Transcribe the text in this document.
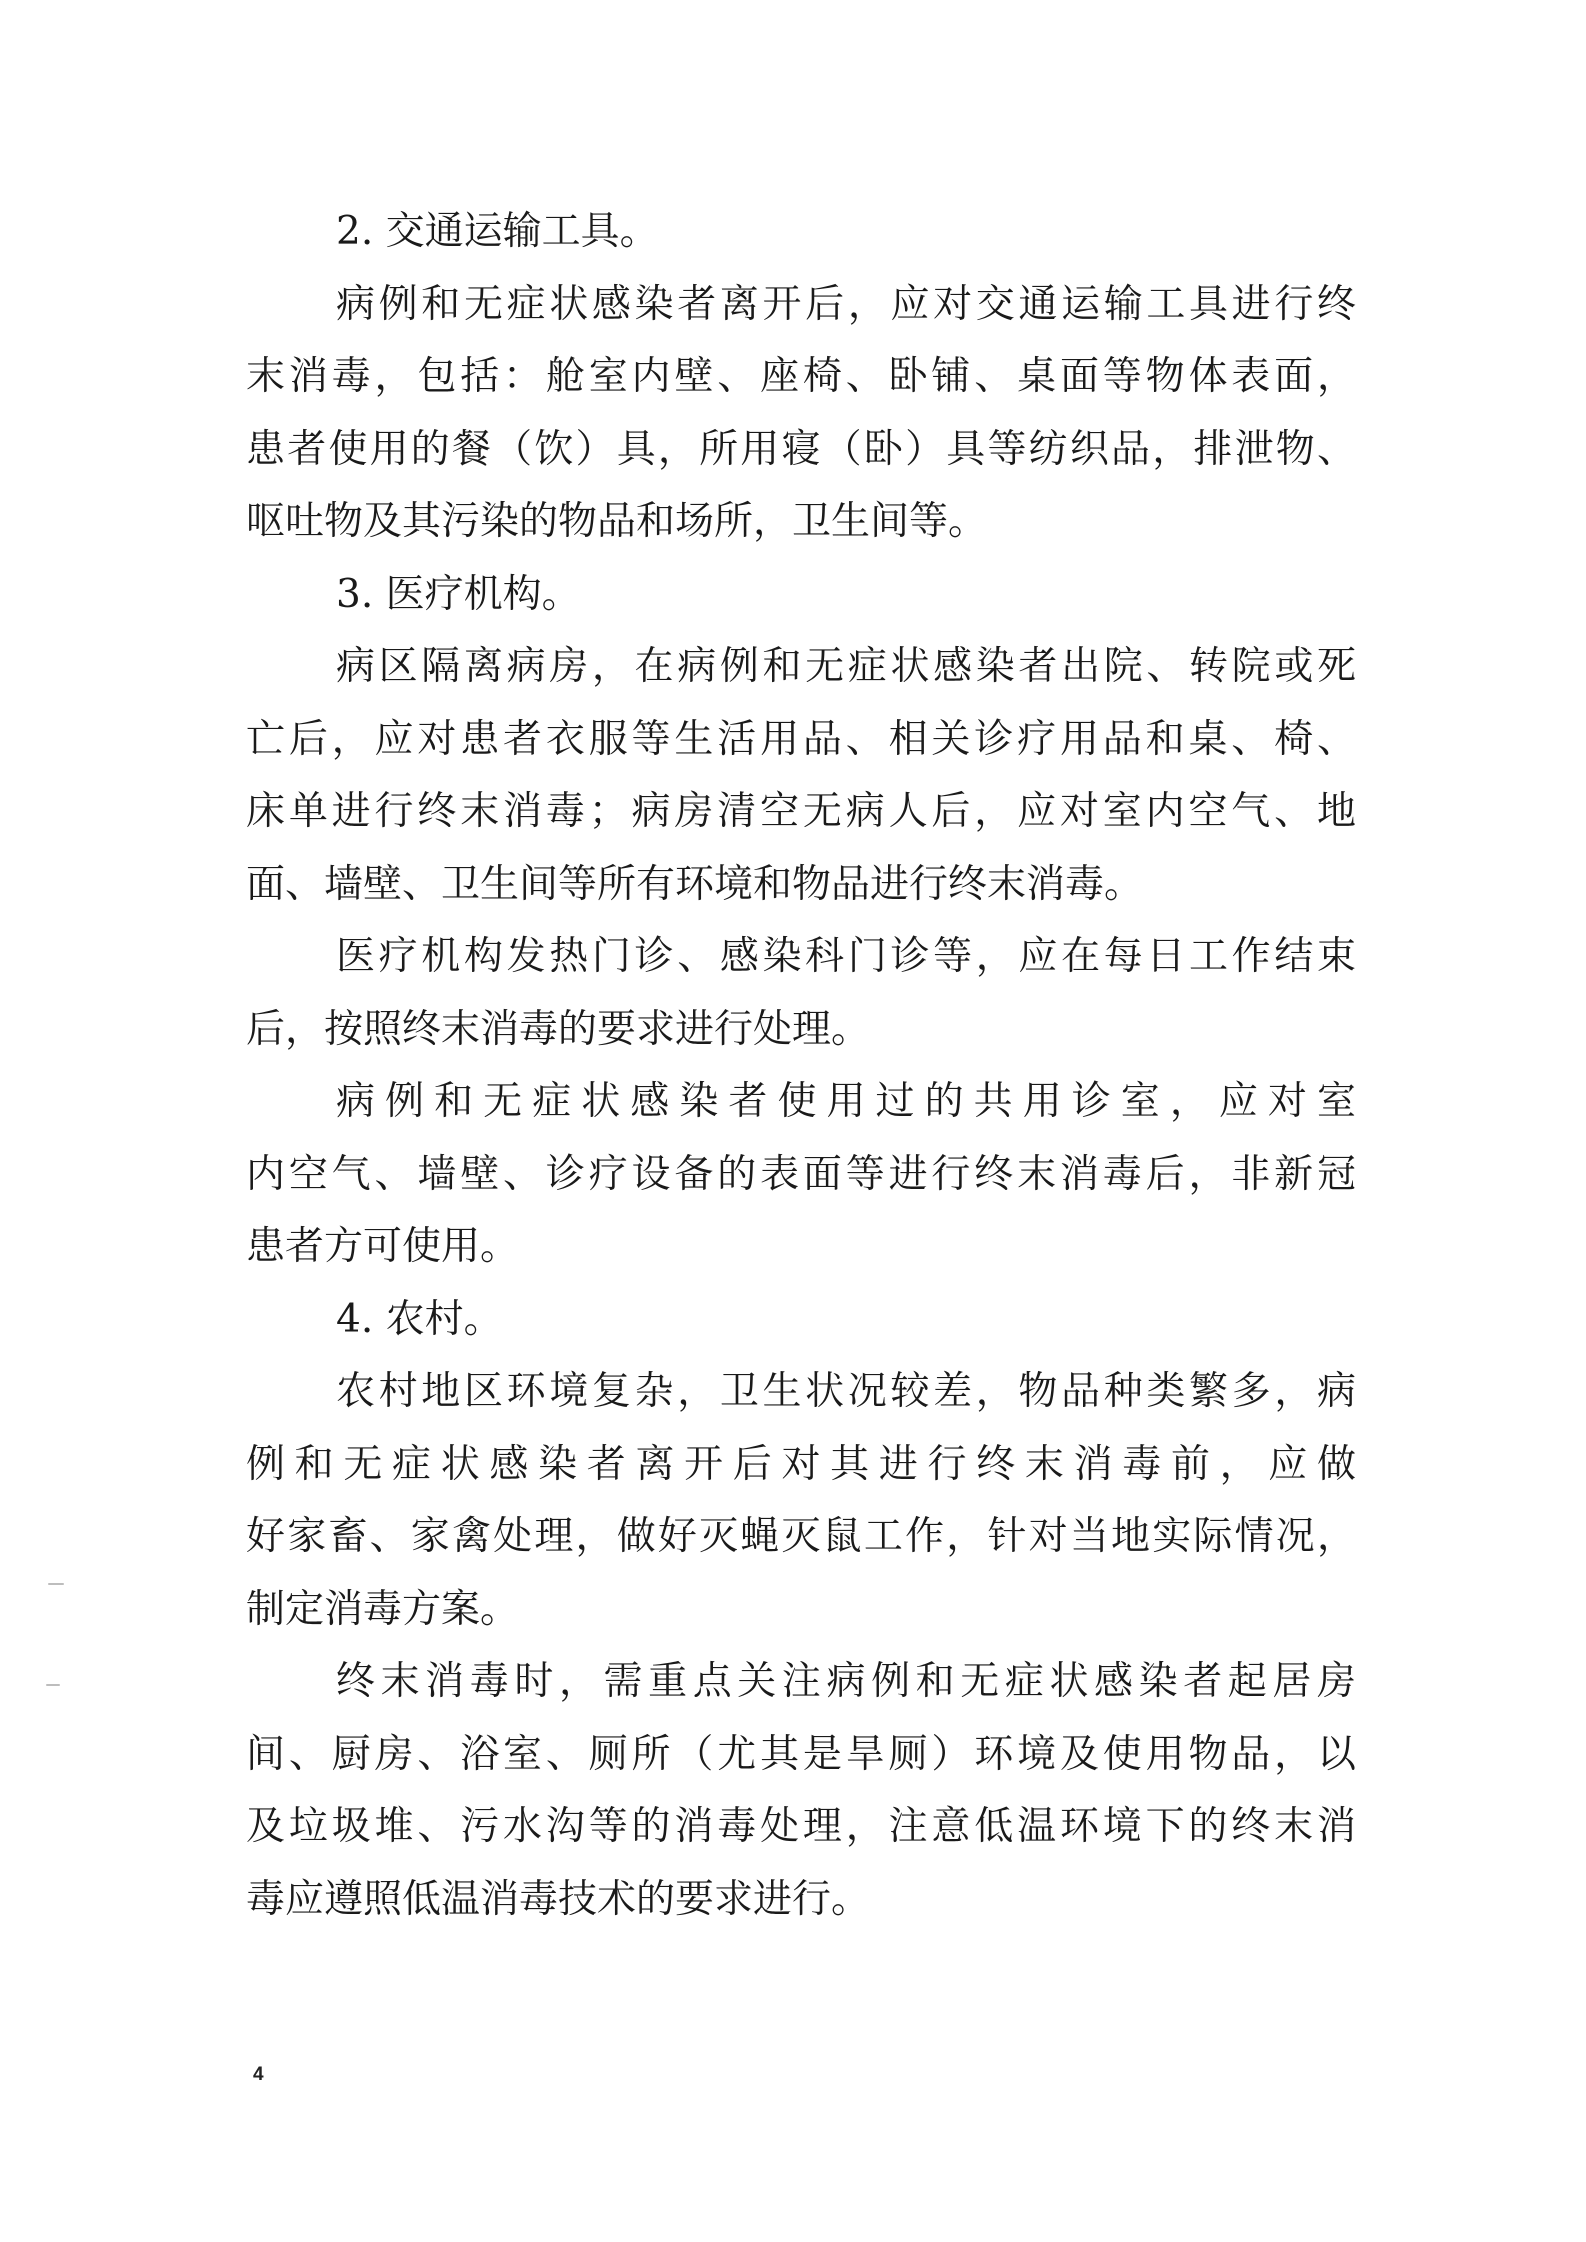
2. 交通运输工具。
病例和无症状感染者离开后，应对交通运输工具进行终
末消毒，包括：舱室内壁、座椅、卧铺、桌面等物体表面，
患者使用的餐（饮）具，所用寝（卧）具等纺织品，排泄物、
呕吐物及其污染的物品和场所，卫生间等。
3. 医疗机构。
病区隔离病房，在病例和无症状感染者出院、转院或死
亡后，应对患者衣服等生活用品、相关诊疗用品和桌、椅、
床单进行终末消毒；病房清空无病人后，应对室内空气、地
面、墙壁、卫生间等所有环境和物品进行终末消毒。
医疗机构发热门诊、感染科门诊等，应在每日工作结束
后，按照终末消毒的要求进行处理。
病例和无症状感染者使用过的共用诊室，应对室
内空气、墙壁、诊疗设备的表面等进行终末消毒后，非新冠
患者方可使用。
4. 农村。
农村地区环境复杂，卫生状况较差，物品种类繁多，病
例和无症状感染者离开后对其进行终末消毒前，应做
好家畜、家禽处理，做好灭蝇灭鼠工作，针对当地实际情况，
制定消毒方案。
终末消毒时，需重点关注病例和无症状感染者起居房
间、厨房、浴室、厕所（尤其是旱厕）环境及使用物品，以
及垃圾堆、污水沟等的消毒处理，注意低温环境下的终末消
毒应遵照低温消毒技术的要求进行。
4
